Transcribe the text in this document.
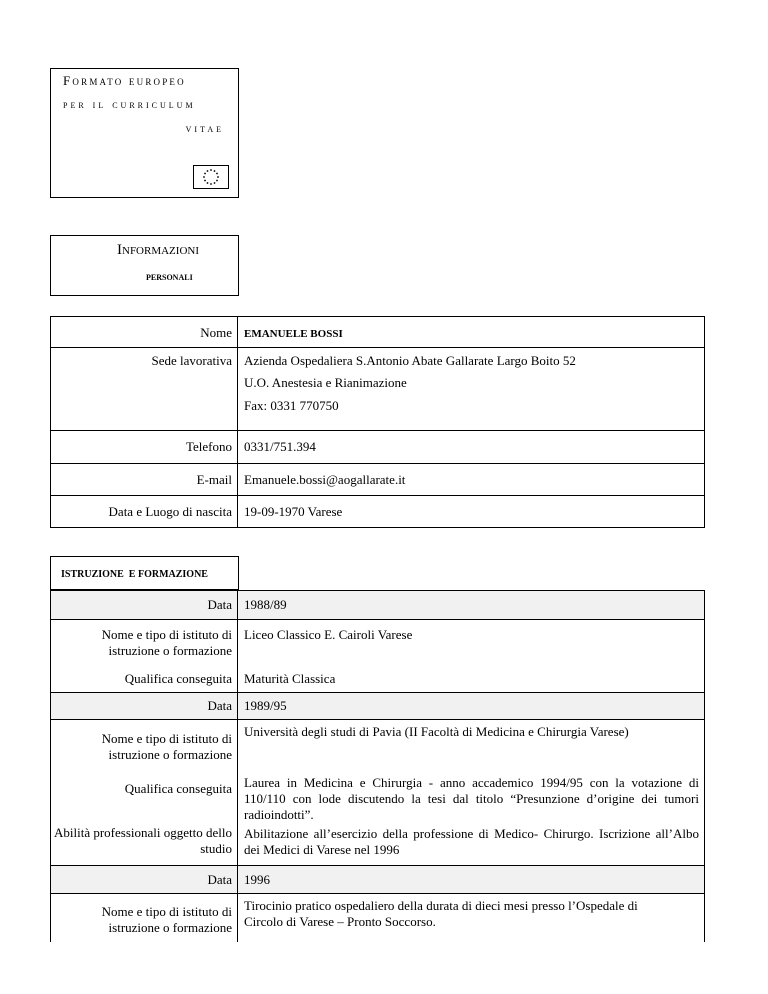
Formato europeo
per il curriculum
vitae
Informazioni
personali
Nome EMANUELE BOSSI
Sede lavorativa Azienda Ospedaliera S.Antonio Abate Gallarate Largo Boito 52
U.O. Anestesia e Rianimazione
Fax: 0331 770750
Telefono 0331/751.394
E-mail Emanuele.bossi@aogallarate.it
Data e Luogo di nascita 19-09-1970 Varese
ISTRUZIONE  E FORMAZIONE
Data 1988/89
Nome e tipo di istituto di istruzione o formazione
Liceo Classico E. Cairoli Varese
Qualifica conseguita Maturità Classica
Data 1989/95
Nome e tipo di istituto di istruzione o formazione
Università degli studi di Pavia (II Facoltà di Medicina e Chirurgia Varese)
Qualifica conseguita Laurea in Medicina e Chirurgia - anno accademico 1994/95 con la votazione di 110/110 con lode discutendo la tesi dal titolo “Presunzione d’origine dei tumori radioindotti”.
Abilità professionali oggetto dello studio
Abilitazione all’esercizio della professione di Medico- Chirurgo. Iscrizione all’Albo dei Medici di Varese nel 1996
Data 1996
Nome e tipo di istituto di istruzione o formazione
Tirocinio pratico ospedaliero della durata di dieci mesi presso l’Ospedale di Circolo di Varese – Pronto Soccorso.
